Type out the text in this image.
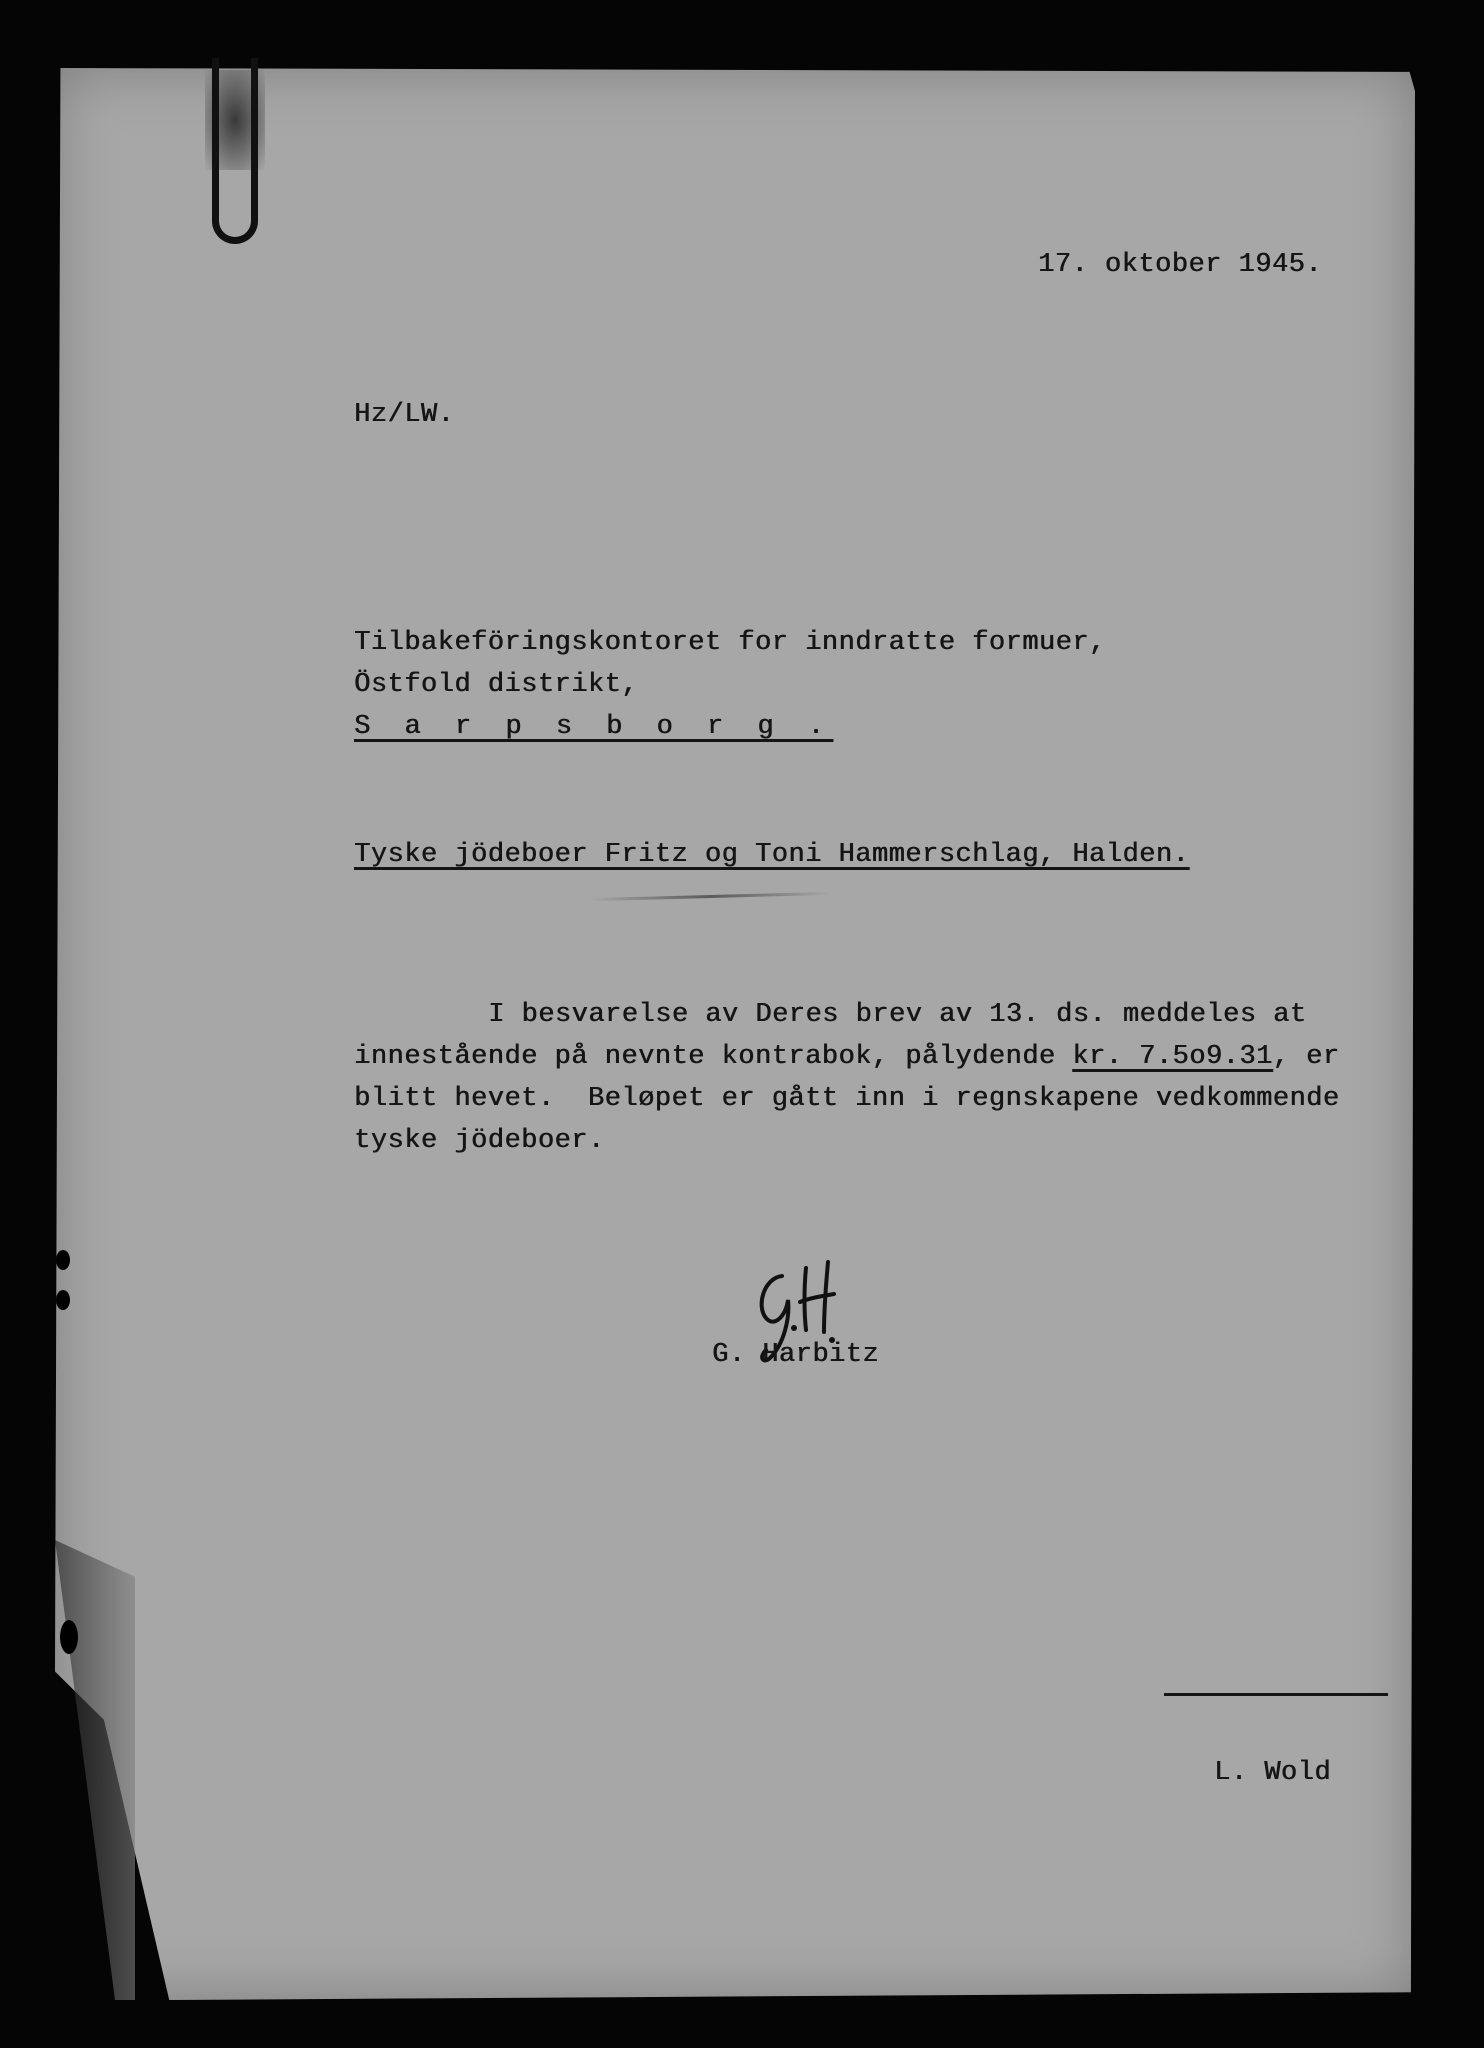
17. oktober 1945.
Hz/LW.
Tilbakeföringskontoret for inndratte formuer,
Östfold distrikt,
S a r p s b o r g .
Tyske jödeboer Fritz og Toni Hammerschlag, Halden.
I besvarelse av Deres brev av 13. ds. meddeles at
innestående på nevnte kontrabok, pålydende kr. 7.5o9.31, er
blitt hevet.  Beløpet er gått inn i regnskapene vedkommende
tyske jödeboer.
G. Harbitz
L. Wold
